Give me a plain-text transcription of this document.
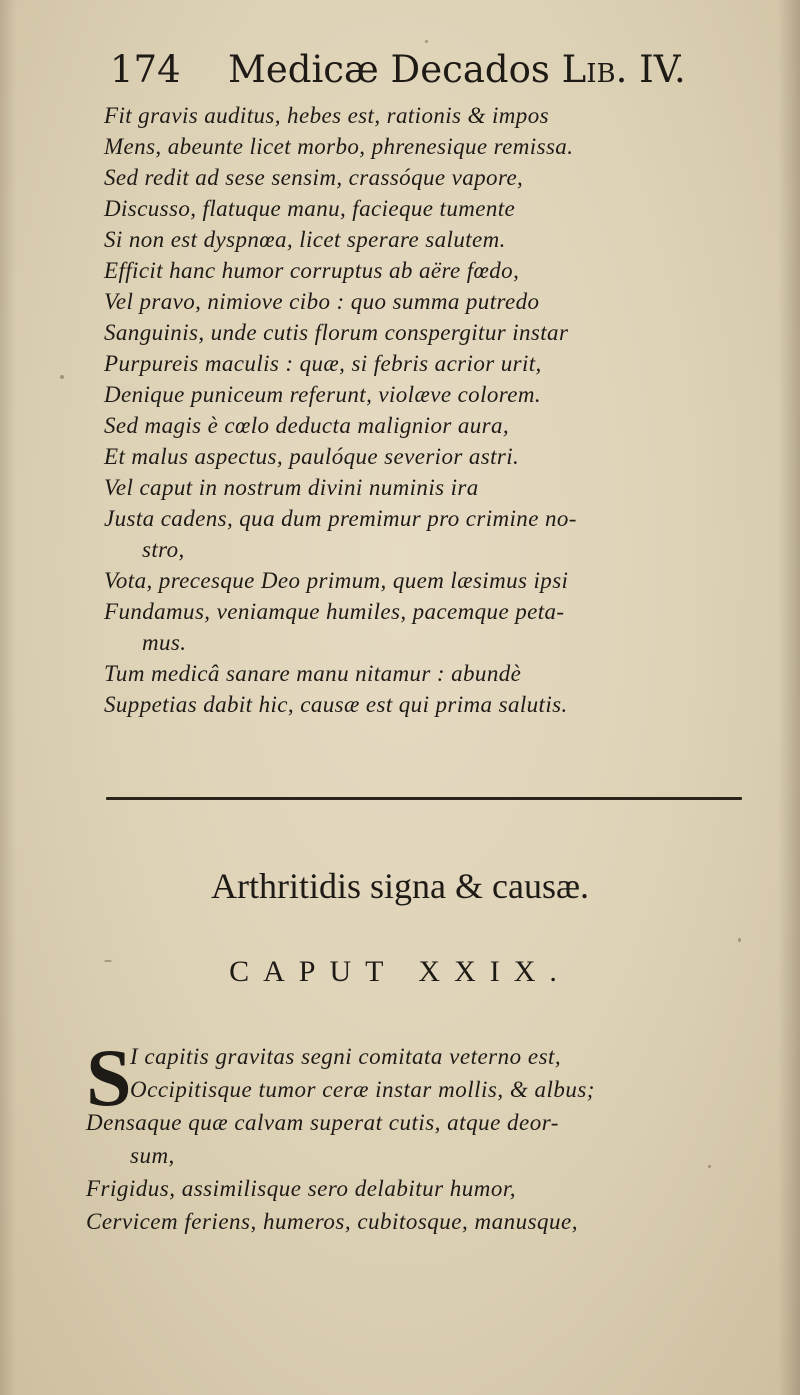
174 Medicæ Decados Lib. IV.
Fit gravis auditus, hebes est, rationis & impos
Mens, abeunte licet morbo, phrenesique remissa.
Sed redit ad sese sensim, crassóque vapore,
Discusso, flatuque manu, facieque tumente
Si non est dyspnœa, licet sperare salutem.
Efficit hanc humor corruptus ab aëre fœdo,
Vel pravo, nimiove cibo : quo summa putredo
Sanguinis, unde cutis florum conspergitur instar
Purpureis maculis : quæ, si febris acrior urit,
Denique puniceum referunt, violæve colorem.
Sed magis è cœlo deducta malignior aura,
Et malus aspectus, paulóque severior astri.
Vel caput in nostrum divini numinis ira
Justa cadens, qua dum premimur pro crimine no-
stro,
Vota, precesque Deo primum, quem læsimus ipsi
Fundamus, veniamque humiles, pacemque peta-
mus.
Tum medicâ sanare manu nitamur : abundè
Suppetias dabit hic, causæ est qui prima salutis.
Arthritidis signa & causæ.
CAPUT XXIX.
S
I capitis gravitas segni comitata veterno est,
Occipitisque tumor ceræ instar mollis, & albus;
Densaque quæ calvam superat cutis, atque deor-
sum,
Frigidus, assimilisque sero delabitur humor,
Cervicem feriens, humeros, cubitosque, manusque,
